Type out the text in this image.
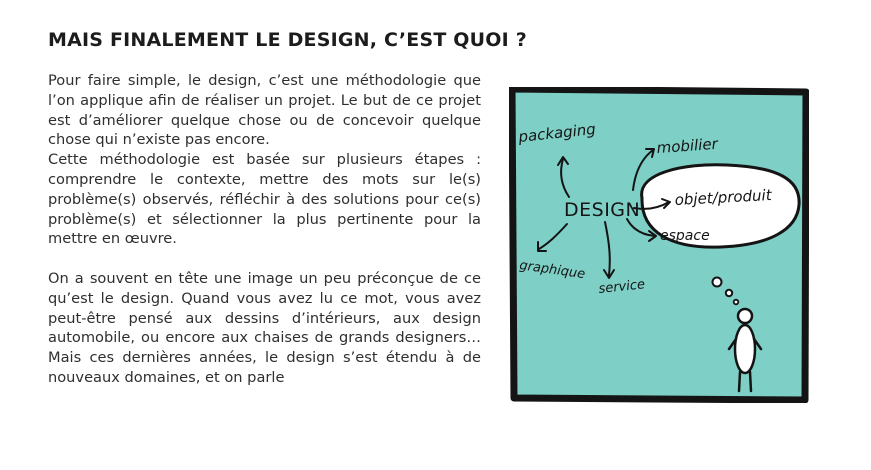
MAIS FINALEMENT LE DESIGN, C’EST QUOI ?

Pour faire simple, le design, c’est une méthodologie que l’on applique afin de réaliser un projet. Le but de ce projet est d’améliorer quelque chose ou de concevoir quelque chose qui n’existe pas encore.

Cette méthodologie est basée sur plusieurs étapes : comprendre le contexte, mettre des mots sur le(s) problème(s) observés, réfléchir à des solutions pour ce(s) problème(s) et sélectionner la plus pertinente pour la mettre en œuvre.

On a souvent en tête une image un peu préconçue de ce qu’est le design. Quand vous avez lu ce mot, vous avez peut-être pensé aux dessins d’intérieurs, aux design automobile, ou encore aux chaises de grands designers… Mais ces dernières années, le design s’est étendu à de nouveaux domaines, et on parle

packaging	mobilier
DESIGN
objet/produit
espace
graphique
service
